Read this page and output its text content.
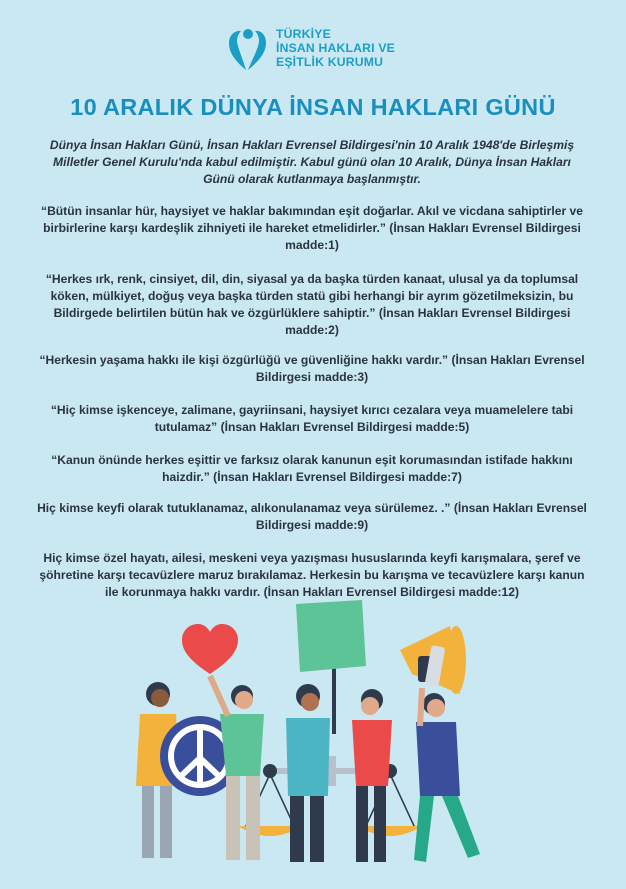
TÜRKİYE
İNSAN HAKLARI VE
EŞİTLİK KURUMU
10 ARALIK DÜNYA İNSAN HAKLARI GÜNÜ
Dünya İnsan Hakları Günü, İnsan Hakları Evrensel Bildirgesi'nin 10 Aralık 1948'de Birleşmiş Milletler Genel Kurulu'nda kabul edilmiştir. Kabul günü olan 10 Aralık, Dünya İnsan Hakları Günü olarak kutlanmaya başlanmıştır.
“Bütün insanlar hür, haysiyet ve haklar bakımından eşit doğarlar. Akıl ve vicdana sahiptirler ve birbirlerine karşı kardeşlik zihniyeti ile hareket etmelidirler.” (İnsan Hakları Evrensel Bildirgesi madde:1)
“Herkes ırk, renk, cinsiyet, dil, din, siyasal ya da başka türden kanaat, ulusal ya da toplumsal köken, mülkiyet, doğuş veya başka türden statü gibi herhangi bir ayrım gözetilmeksizin, bu Bildirgede belirtilen bütün hak ve özgürlüklere sahiptir.” (İnsan Hakları Evrensel Bildirgesi madde:2)
“Herkesin yaşama hakkı ile kişi özgürlüğü ve güvenliğine hakkı vardır.” (İnsan Hakları Evrensel Bildirgesi madde:3)
“Hiç kimse işkenceye, zalimane, gayriinsani, haysiyet kırıcı cezalara veya muamelelere tabi tutulamaz” (İnsan Hakları Evrensel Bildirgesi madde:5)
“Kanun önünde herkes eşittir ve farksız olarak kanunun eşit korumasından istifade hakkını haizdir.” (İnsan Hakları Evrensel Bildirgesi madde:7)
Hiç kimse keyfi olarak tutuklanamaz, alıkonulanamaz veya sürülemez. .” (İnsan Hakları Evrensel Bildirgesi madde:9)
Hiç kimse özel hayatı, ailesi, meskeni veya yazışması hususlarında keyfi karışmalara, şeref ve şöhretine karşı tecavüzlere maruz bırakılamaz. Herkesin bu karışma ve tecavüzlere karşı kanun ile korunmaya hakkı vardır. (İnsan Hakları Evrensel Bildirgesi madde:12)
